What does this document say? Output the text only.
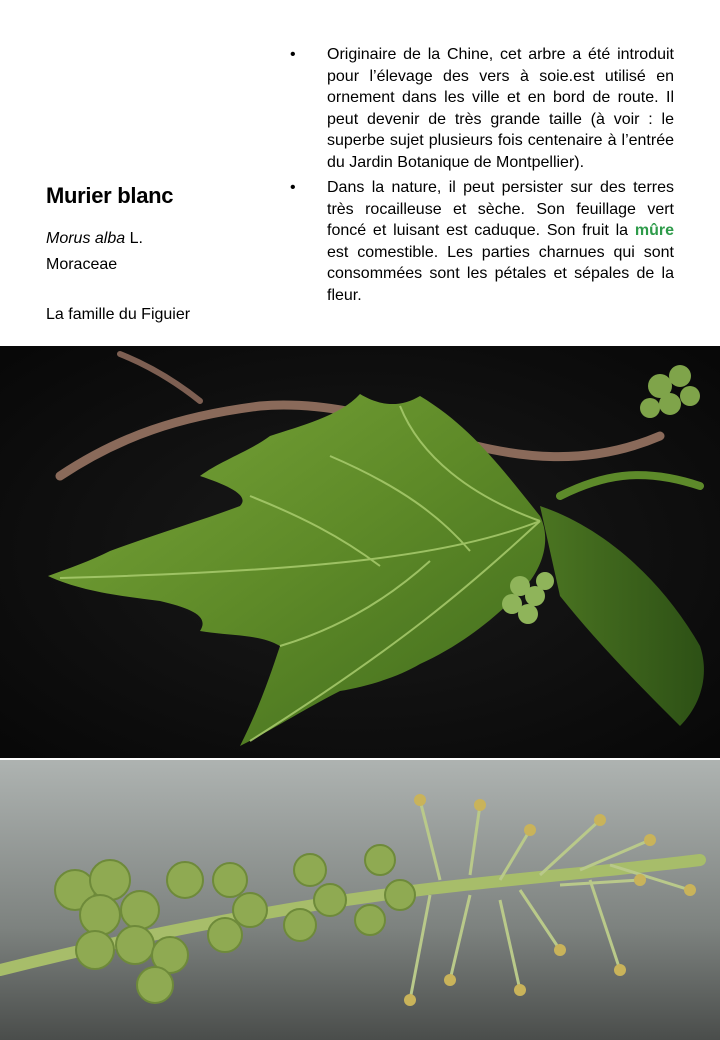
Murier blanc
Morus alba L.
Moraceae
La famille du Figuier
• Originaire de la Chine, cet arbre a été introduit pour l’élevage des vers à soie.est utilisé en ornement dans les ville et en bord de route. Il peut devenir de très grande taille (à voir : le superbe sujet plusieurs fois centenaire à l’entrée du Jardin Botanique de Montpellier).
• Dans la nature, il peut persister sur des terres très rocailleuse et sèche. Son feuillage vert foncé et luisant est caduque. Son fruit la mûre est comestible. Les parties charnues qui sont consommées sont les pétales et sépales de la fleur.
